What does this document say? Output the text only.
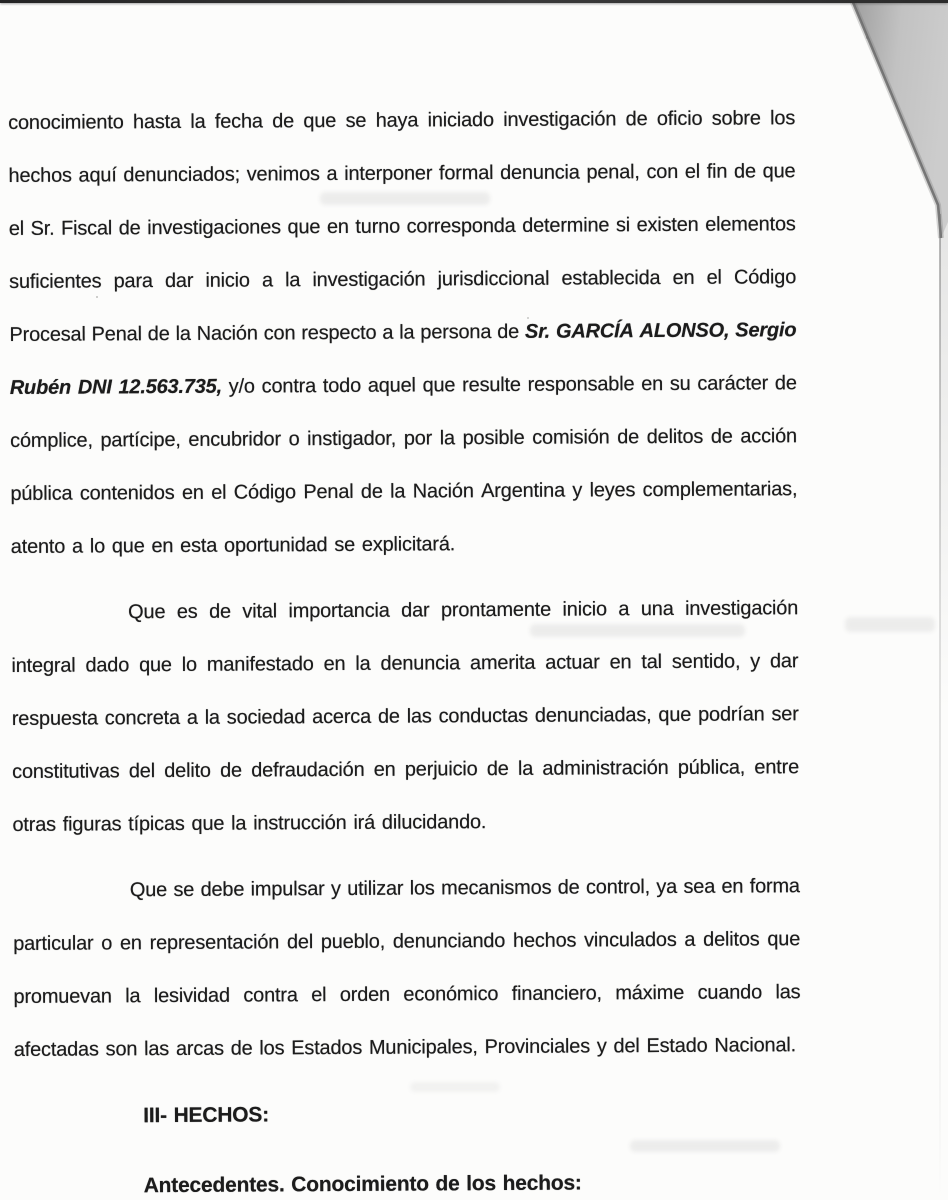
conocimiento hasta la fecha de que se haya iniciado investigación de oficio sobre los
hechos aquí denunciados; venimos a interponer formal denuncia penal, con el fin de que
el Sr. Fiscal de investigaciones que en turno corresponda determine si existen elementos
suficientes para dar inicio a la investigación jurisdiccional establecida en el Código
Procesal Penal de la Nación con respecto a la persona de Sr. GARCÍA ALONSO, Sergio
Rubén DNI 12.563.735, y/o contra todo aquel que resulte responsable en su carácter de
cómplice, partícipe, encubridor o instigador, por la posible comisión de delitos de acción
pública contenidos en el Código Penal de la Nación Argentina y leyes complementarias,
atento a lo que en esta oportunidad se explicitará.
Que es de vital importancia dar prontamente inicio a una investigación
integral dado que lo manifestado en la denuncia amerita actuar en tal sentido, y dar
respuesta concreta a la sociedad acerca de las conductas denunciadas, que podrían ser
constitutivas del delito de defraudación en perjuicio de la administración pública, entre
otras figuras típicas que la instrucción irá dilucidando.
Que se debe impulsar y utilizar los mecanismos de control, ya sea en forma
particular o en representación del pueblo, denunciando hechos vinculados a delitos que
promuevan la lesividad contra el orden económico financiero, máxime cuando las
afectadas son las arcas de los Estados Municipales, Provinciales y del Estado Nacional.
III- HECHOS:
Antecedentes. Conocimiento de los hechos:
